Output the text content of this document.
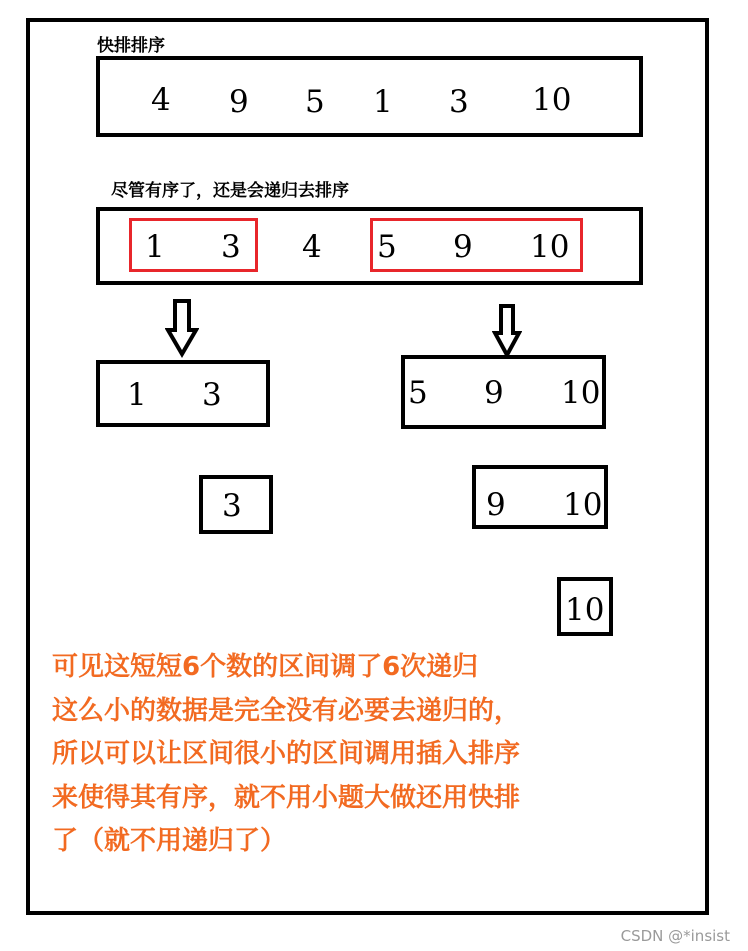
快排排序
4 9 5 1 3 10
尽管有序了，还是会递归去排序
1 3 4 5 9 10
1 3	5 9 10
3	9 10
10
可见这短短6个数的区间调了6次递归
这么小的数据是完全没有必要去递归的，
所以可以让区间很小的区间调用插入排序
来使得其有序，就不用小题大做还用快排
了（就不用递归了）
CSDN @*insist
